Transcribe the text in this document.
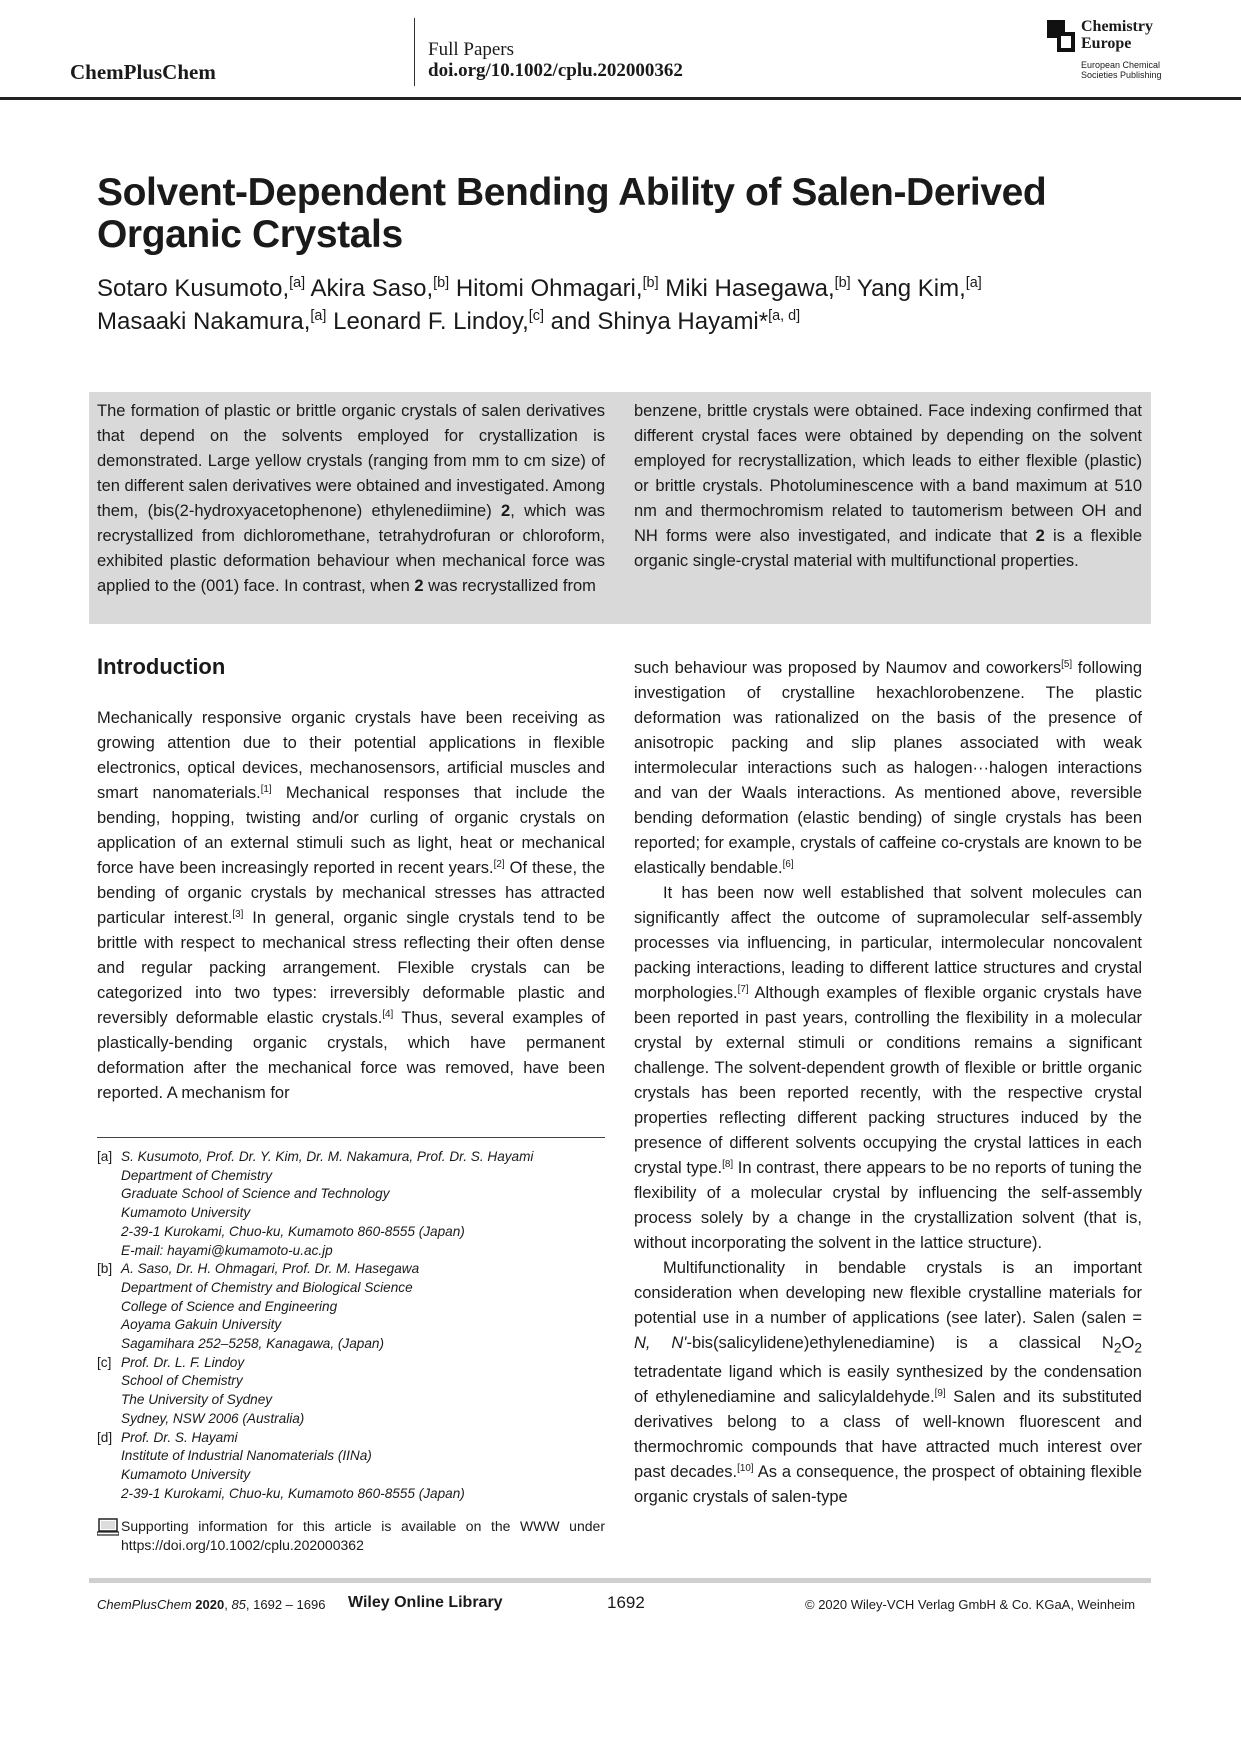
ChemPlusChem
Full Papers
doi.org/10.1002/cplu.202000362
Chemistry
Europe
European Chemical
Societies Publishing
Solvent-Dependent Bending Ability of Salen-Derived
Organic Crystals
Sotaro Kusumoto,[a] Akira Saso,[b] Hitomi Ohmagari,[b] Miki Hasegawa,[b] Yang Kim,[a]
Masaaki Nakamura,[a] Leonard F. Lindoy,[c] and Shinya Hayami*[a, d]
The formation of plastic or brittle organic crystals of salen derivatives that depend on the solvents employed for crystallization is demonstrated. Large yellow crystals (ranging from mm to cm size) of ten different salen derivatives were obtained and investigated. Among them, (bis(2-hydroxyacetophenone) ethylenediimine) 2, which was recrystallized from dichloromethane, tetrahydrofuran or chloroform, exhibited plastic deformation behaviour when mechanical force was applied to the (001) face. In contrast, when 2 was recrystallized from
benzene, brittle crystals were obtained. Face indexing confirmed that different crystal faces were obtained by depending on the solvent employed for recrystallization, which leads to either flexible (plastic) or brittle crystals. Photoluminescence with a band maximum at 510 nm and thermochromism related to tautomerism between OH and NH forms were also investigated, and indicate that 2 is a flexible organic single-crystal material with multifunctional properties.
Introduction

Mechanically responsive organic crystals have been receiving as growing attention due to their potential applications in flexible electronics, optical devices, mechanosensors, artificial muscles and smart nanomaterials.[1] Mechanical responses that include the bending, hopping, twisting and/or curling of organic crystals on application of an external stimuli such as light, heat or mechanical force have been increasingly reported in recent years.[2] Of these, the bending of organic crystals by mechanical stresses has attracted particular interest.[3] In general, organic single crystals tend to be brittle with respect to mechanical stress reflecting their often dense and regular packing arrangement. Flexible crystals can be categorized into two types: irreversibly deformable plastic and reversibly deformable elastic crystals.[4] Thus, several examples of plastically-bending organic crystals, which have permanent deformation after the mechanical force was removed, have been reported. A mechanism for

such behaviour was proposed by Naumov and coworkers[5] following investigation of crystalline hexachlorobenzene. The plastic deformation was rationalized on the basis of the presence of anisotropic packing and slip planes associated with weak intermolecular interactions such as halogen···halogen interactions and van der Waals interactions. As mentioned above, reversible bending deformation (elastic bending) of single crystals has been reported; for example, crystals of caffeine co-crystals are known to be elastically bendable.[6]

It has been now well established that solvent molecules can significantly affect the outcome of supramolecular self-assembly processes via influencing, in particular, intermolecular noncovalent packing interactions, leading to different lattice structures and crystal morphologies.[7] Although examples of flexible organic crystals have been reported in past years, controlling the flexibility in a molecular crystal by external stimuli or conditions remains a significant challenge. The solvent-dependent growth of flexible or brittle organic crystals has been reported recently, with the respective crystal properties reflecting different packing structures induced by the presence of different solvents occupying the crystal lattices in each crystal type.[8] In contrast, there appears to be no reports of tuning the flexibility of a molecular crystal by influencing the self-assembly process solely by a change in the crystallization solvent (that is, without incorporating the solvent in the lattice structure).

Multifunctionality in bendable crystals is an important consideration when developing new flexible crystalline materials for potential use in a number of applications (see later). Salen (salen = N, N'-bis(salicylidene)ethylenediamine) is a classical $N_2O_2$ tetradentate ligand which is easily synthesized by the condensation of ethylenediamine and salicylaldehyde.[9] Salen and its substituted derivatives belong to a class of well-known fluorescent and thermochromic compounds that have attracted much interest over past decades.[10] As a consequence, the prospect of obtaining flexible organic crystals of salen-type

[a] S. Kusumoto, Prof. Dr. Y. Kim, Dr. M. Nakamura, Prof. Dr. S. Hayami
Department of Chemistry
Graduate School of Science and Technology
Kumamoto University
2-39-1 Kurokami, Chuo-ku, Kumamoto 860-8555 (Japan)
E-mail: hayami@kumamoto-u.ac.jp
[b] A. Saso, Dr. H. Ohmagari, Prof. Dr. M. Hasegawa
Department of Chemistry and Biological Science
College of Science and Engineering
Aoyama Gakuin University
Sagamihara 252–5258, Kanagawa, (Japan)
[c] Prof. Dr. L. F. Lindoy
School of Chemistry
The University of Sydney
Sydney, NSW 2006 (Australia)
[d] Prof. Dr. S. Hayami
Institute of Industrial Nanomaterials (IINa)
Kumamoto University
2-39-1 Kurokami, Chuo-ku, Kumamoto 860-8555 (Japan)
Supporting information for this article is available on the WWW under https://doi.org/10.1002/cplu.202000362
ChemPlusChem 2020, 85, 1692 – 1696 Wiley Online Library	1692	© 2020 Wiley-VCH Verlag GmbH & Co. KGaA, Weinheim
